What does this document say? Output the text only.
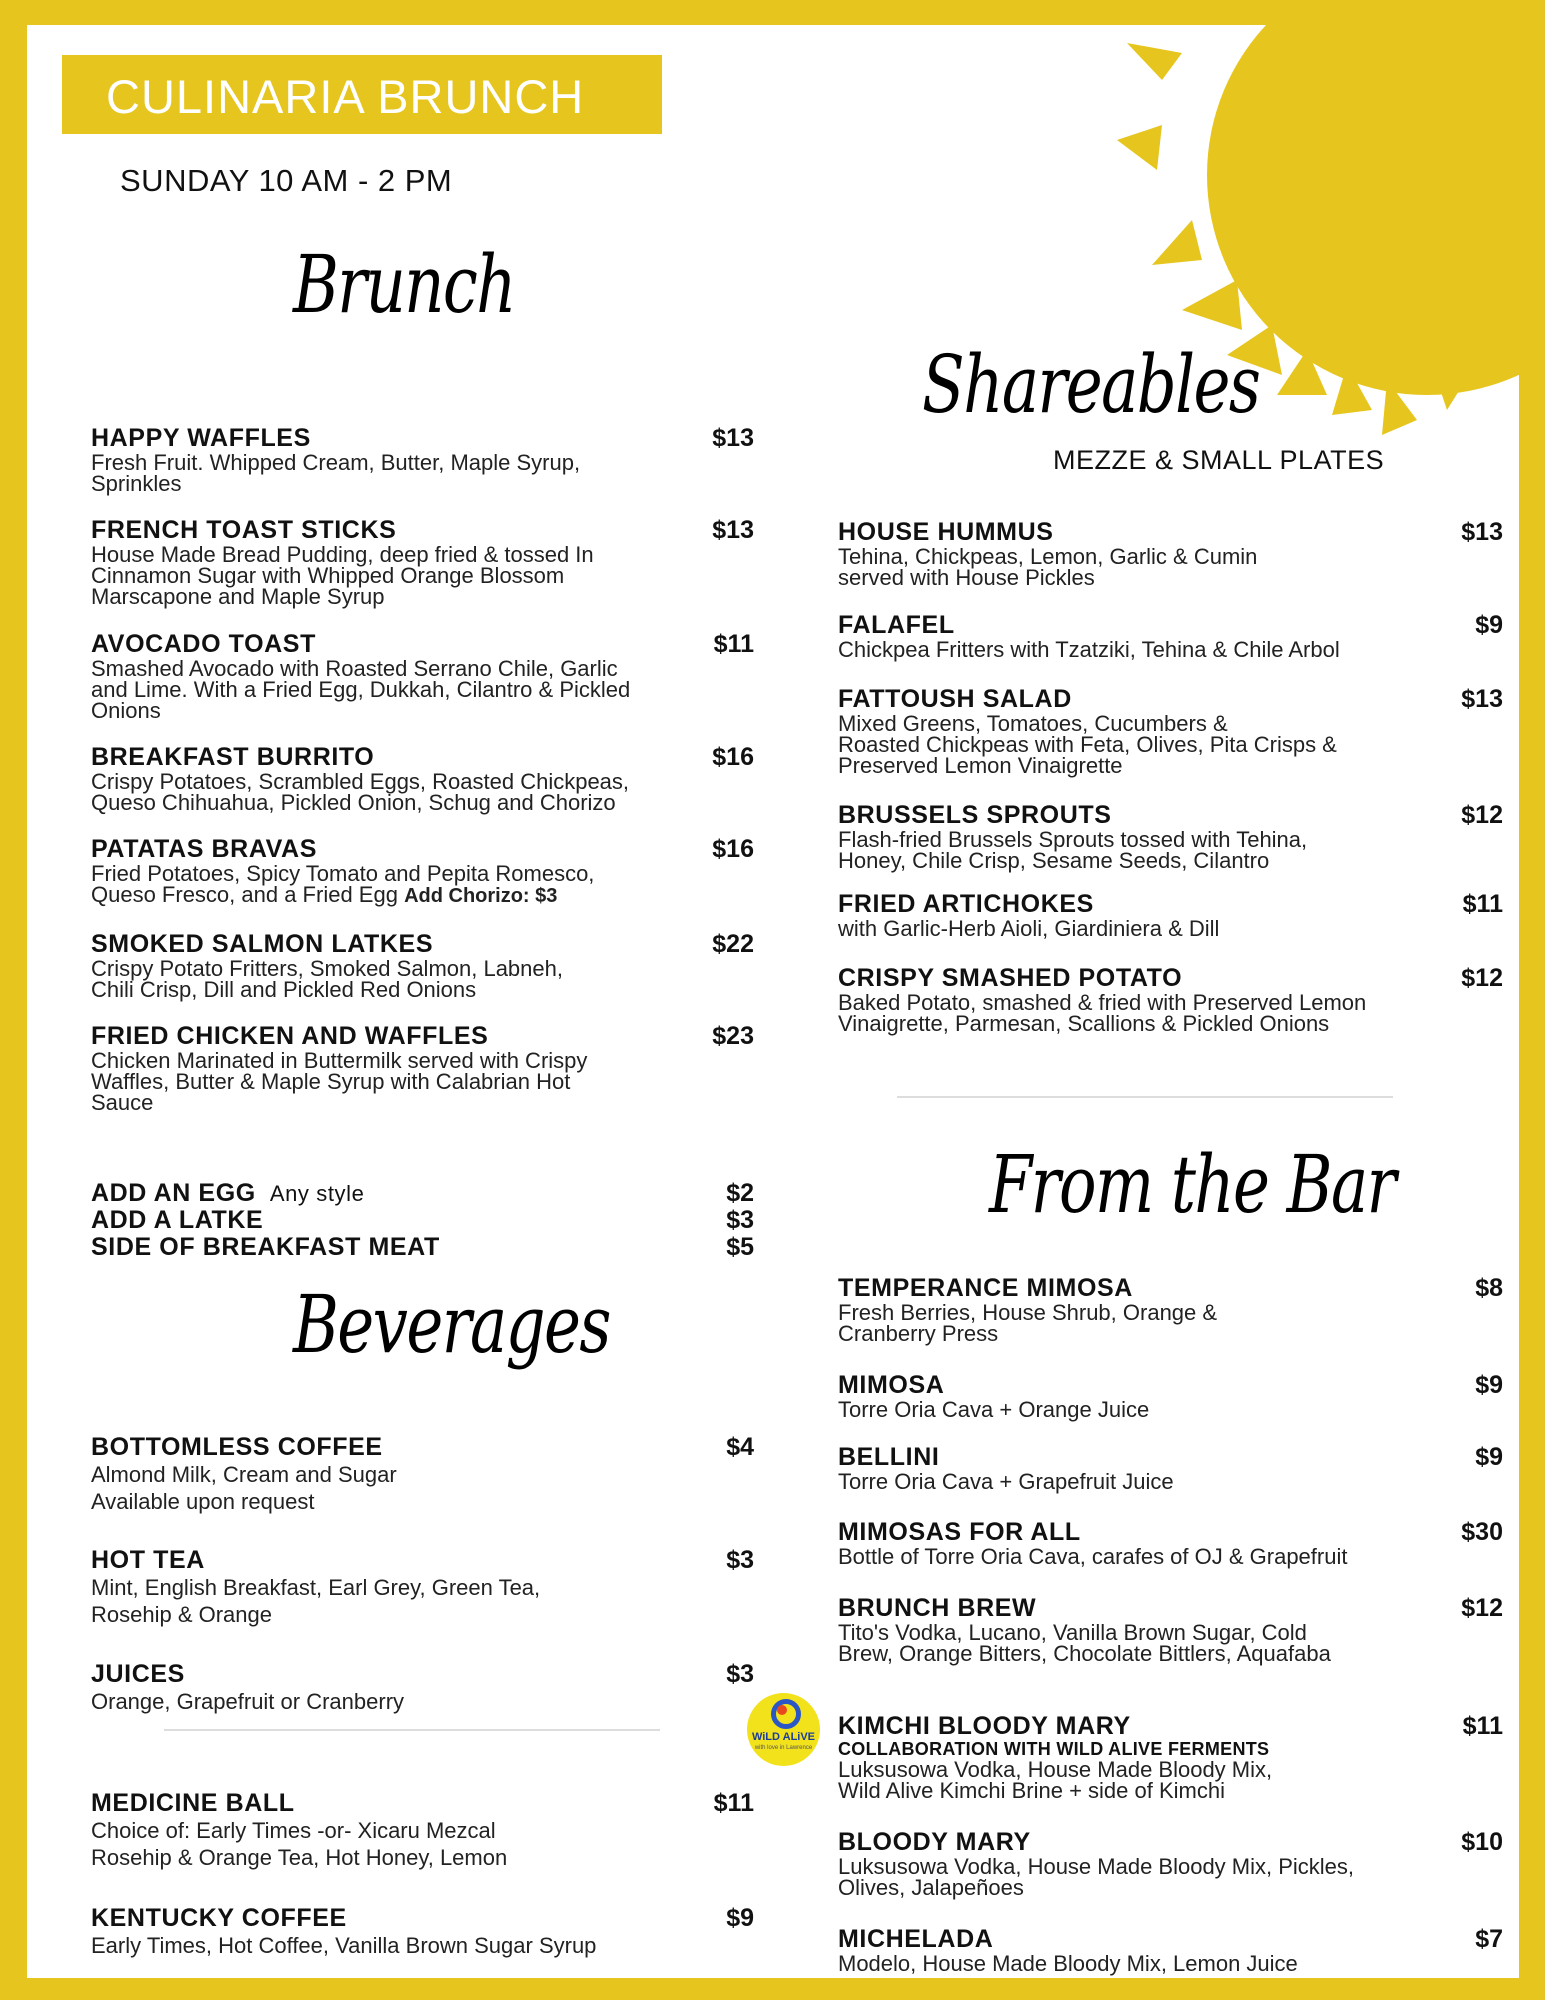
CULINARIA BRUNCH
SUNDAY 10 AM - 2 PM
Brunch
Shareables
MEZZE & SMALL PLATES
Beverages
From the Bar
HAPPY WAFFLES	$13
Fresh Fruit. Whipped Cream, Butter, Maple Syrup,
Sprinkles
FRENCH TOAST STICKS	$13
House Made Bread Pudding, deep fried & tossed In
Cinnamon Sugar with Whipped Orange Blossom
Marscapone and Maple Syrup
AVOCADO TOAST	$11
Smashed Avocado with Roasted Serrano Chile, Garlic
and Lime. With a Fried Egg, Dukkah, Cilantro & Pickled
Onions
BREAKFAST BURRITO	$16
Crispy Potatoes, Scrambled Eggs, Roasted Chickpeas,
Queso Chihuahua, Pickled Onion, Schug and Chorizo
PATATAS BRAVAS	$16
Fried Potatoes, Spicy Tomato and Pepita Romesco,
Queso Fresco, and a Fried Egg Add Chorizo: $3
SMOKED SALMON LATKES	$22
Crispy Potato Fritters, Smoked Salmon, Labneh,
Chili Crisp, Dill and Pickled Red Onions
FRIED CHICKEN AND WAFFLES	$23
Chicken Marinated in Buttermilk served with Crispy
Waffles, Butter & Maple Syrup with Calabrian Hot
Sauce
ADD AN EGG Any style	$2
ADD A LATKE	$3
SIDE OF BREAKFAST MEAT	$5
BOTTOMLESS COFFEE	$4
Almond Milk, Cream and Sugar
Available upon request
HOT TEA	$3
Mint, English Breakfast, Earl Grey, Green Tea,
Rosehip & Orange
JUICES	$3
Orange, Grapefruit or Cranberry
MEDICINE BALL	$11
Choice of: Early Times -or- Xicaru Mezcal
Rosehip & Orange Tea, Hot Honey, Lemon
KENTUCKY COFFEE	$9
Early Times, Hot Coffee, Vanilla Brown Sugar Syrup
HOUSE HUMMUS	$13
Tehina, Chickpeas, Lemon, Garlic & Cumin
served with House Pickles
FALAFEL	$9
Chickpea Fritters with Tzatziki, Tehina & Chile Arbol
FATTOUSH SALAD	$13
Mixed Greens, Tomatoes, Cucumbers &
Roasted Chickpeas with Feta, Olives, Pita Crisps &
Preserved Lemon Vinaigrette
BRUSSELS SPROUTS	$12
Flash-fried Brussels Sprouts tossed with Tehina,
Honey, Chile Crisp, Sesame Seeds, Cilantro
FRIED ARTICHOKES	$11
with Garlic-Herb Aioli, Giardiniera & Dill
CRISPY SMASHED POTATO	$12
Baked Potato, smashed & fried with Preserved Lemon
Vinaigrette, Parmesan, Scallions & Pickled Onions
TEMPERANCE MIMOSA	$8
Fresh Berries, House Shrub, Orange &
Cranberry Press
MIMOSA	$9
Torre Oria Cava + Orange Juice
BELLINI	$9
Torre Oria Cava + Grapefruit Juice
MIMOSAS FOR ALL	$30
Bottle of Torre Oria Cava, carafes of OJ & Grapefruit
BRUNCH BREW	$12
Tito's Vodka, Lucano, Vanilla Brown Sugar, Cold
Brew, Orange Bitters, Chocolate Bittlers, Aquafaba
KIMCHI BLOODY MARY	$11
COLLABORATION WITH WILD ALIVE FERMENTS
Luksusowa Vodka, House Made Bloody Mix,
Wild Alive Kimchi Brine + side of Kimchi
BLOODY MARY	$10
Luksusowa Vodka, House Made Bloody Mix, Pickles,
Olives, Jalapeñoes
MICHELADA	$7
Modelo, House Made Bloody Mix, Lemon Juice
WiLD ALiVE
with love in Lawrence
